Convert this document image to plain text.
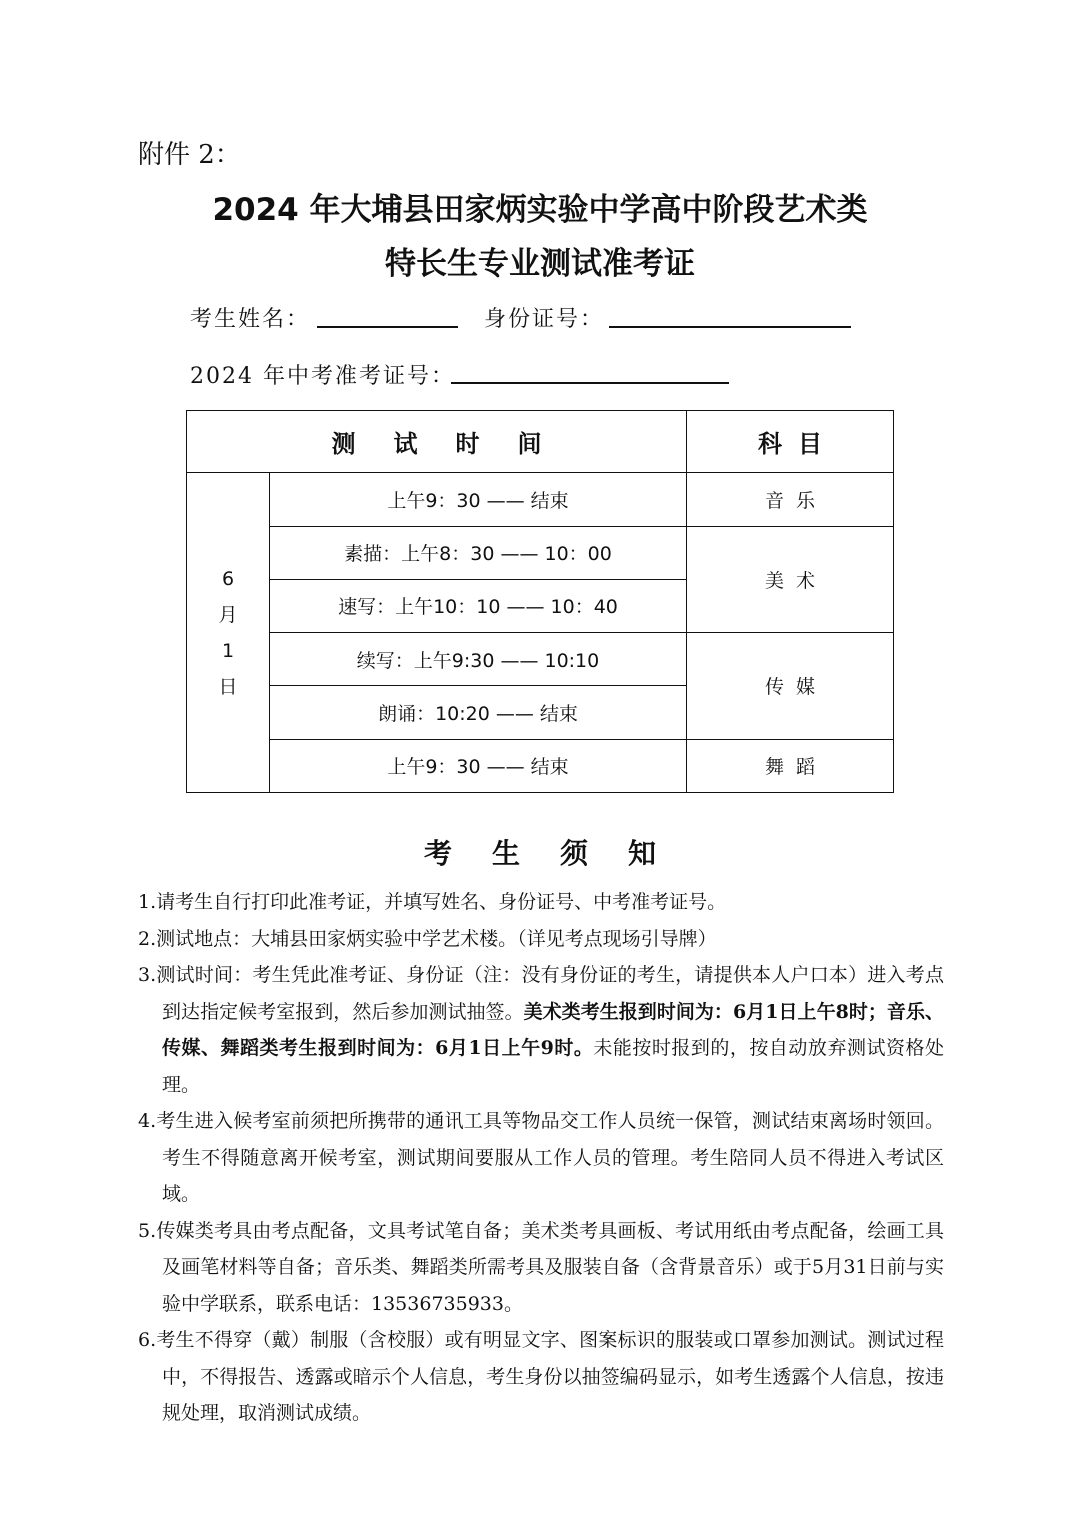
附件 2：
2024 年大埔县田家炳实验中学高中阶段艺术类
特长生专业测试准考证
考生姓名：	身份证号：
2024 年中考准考证号：
测试时间		科目

6
月
1
日	上午9：30 —— 结束	音乐
	素描：上午8：30 —— 10：00	美术
	速写：上午10：10 —— 10：40	
	续写：上午9:30 —— 10:10	传媒
	朗诵：10:20 —— 结束	
	上午9：30 —— 结束	舞蹈
考生须知
1.请考生自行打印此准考证，并填写姓名、身份证号、中考准考证号。
2.测试地点：大埔县田家炳实验中学艺术楼。（详见考点现场引导牌）
3.测试时间：考生凭此准考证、身份证（注：没有身份证的考生，请提供本人户口本）进入考点到达指定候考室报到，然后参加测试抽签。美术类考生报到时间为：6月1日上午8时；音乐、传媒、舞蹈类考生报到时间为：6月1日上午9时。未能按时报到的，按自动放弃测试资格处理。
4.考生进入候考室前须把所携带的通讯工具等物品交工作人员统一保管，测试结束离场时领回。考生不得随意离开候考室，测试期间要服从工作人员的管理。考生陪同人员不得进入考试区域。
5.传媒类考具由考点配备，文具考试笔自备；美术类考具画板、考试用纸由考点配备，绘画工具及画笔材料等自备；音乐类、舞蹈类所需考具及服装自备（含背景音乐）或于5月31日前与实验中学联系，联系电话：13536735933。
6.考生不得穿（戴）制服（含校服）或有明显文字、图案标识的服装或口罩参加测试。测试过程中，不得报告、透露或暗示个人信息，考生身份以抽签编码显示，如考生透露个人信息，按违规处理，取消测试成绩。
